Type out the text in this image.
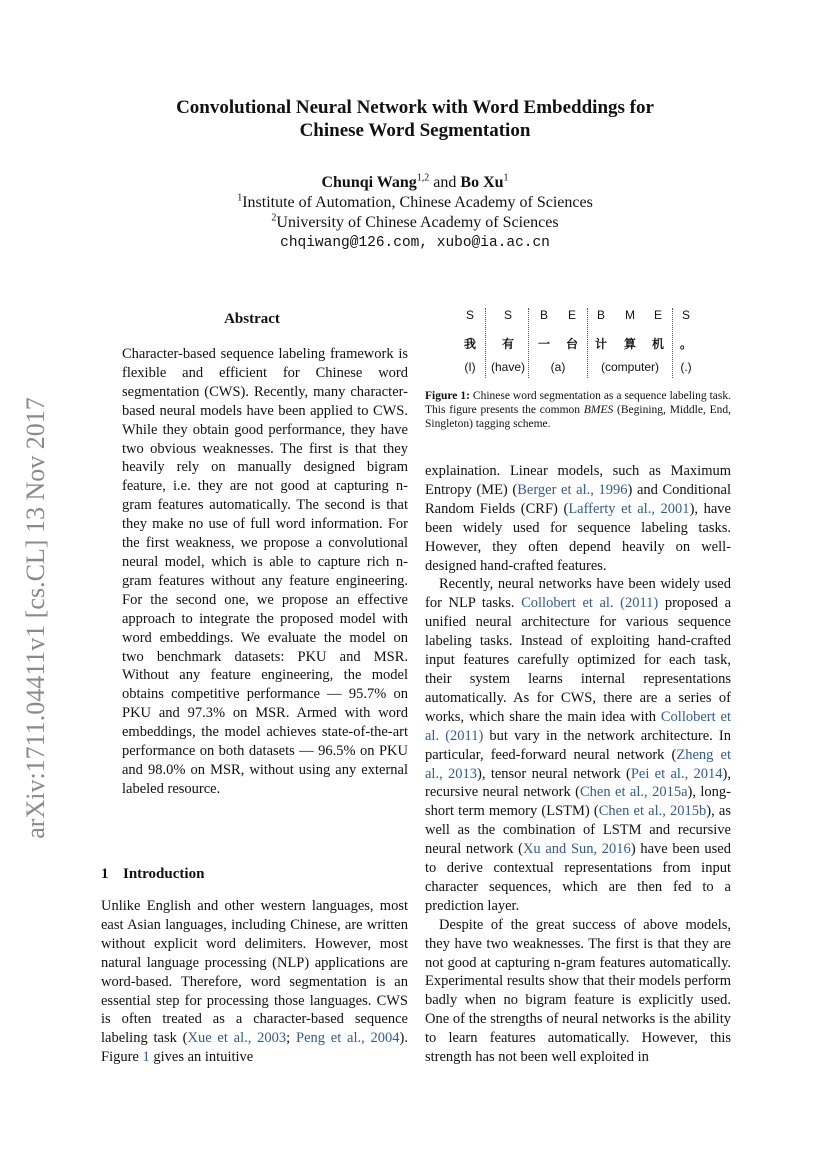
arXiv:1711.04411v1 [cs.CL] 13 Nov 2017
Convolutional Neural Network with Word Embeddings for
Chinese Word Segmentation
Chunqi Wang$^{1,2}$ and Bo Xu$^1$
$^1$Institute of Automation, Chinese Academy of Sciences
$^2$University of Chinese Academy of Sciences
chqiwang@126.com, xubo@ia.ac.cn
Abstract

Character-based sequence labeling framework is flexible and efficient for Chinese word segmentation (CWS). Recently, many character-based neural models have been applied to CWS. While they obtain good performance, they have two obvious weaknesses. The first is that they heavily rely on manually designed bigram feature, i.e. they are not good at capturing n-gram features automatically. The second is that they make no use of full word information. For the first weakness, we propose a convolutional neural model, which is able to capture rich n-gram features without any feature engineering. For the second one, we propose an effective approach to integrate the proposed model with word embeddings. We evaluate the model on two benchmark datasets: PKU and MSR. Without any feature engineering, the model obtains competitive performance — 95.7% on PKU and 97.3% on MSR. Armed with word embeddings, the model achieves state-of-the-art performance on both datasets — 96.5% on PKU and 98.0% on MSR, without using any external labeled resource.

1 Introduction

Unlike English and other western languages, most east Asian languages, including Chinese, are written without explicit word delimiters. However, most natural language processing (NLP) applications are word-based. Therefore, word segmentation is an essential step for processing those languages. CWS is often treated as a character-based sequence labeling task (Xue et al., 2003; Peng et al., 2004). Figure 1 gives an intuitive

S	S	B	E	B	M	E	S
我 有 一 台 计 算 机 。
(I)	(have)	(a)	(computer)	(.)
Figure 1: Chinese word segmentation as a sequence labeling task. This figure presents the common BMES (Begining, Middle, End, Singleton) tagging scheme.

explaination. Linear models, such as Maximum Entropy (ME) (Berger et al., 1996) and Conditional Random Fields (CRF) (Lafferty et al., 2001), have been widely used for sequence labeling tasks. However, they often depend heavily on well-designed hand-crafted features.

Recently, neural networks have been widely used for NLP tasks. Collobert et al. (2011) proposed a unified neural architecture for various sequence labeling tasks. Instead of exploiting hand-crafted input features carefully optimized for each task, their system learns internal representations automatically. As for CWS, there are a series of works, which share the main idea with Collobert et al. (2011) but vary in the network architecture. In particular, feed-forward neural network (Zheng et al., 2013), tensor neural network (Pei et al., 2014), recursive neural network (Chen et al., 2015a), long-short term memory (LSTM) (Chen et al., 2015b), as well as the combination of LSTM and recursive neural network (Xu and Sun, 2016) have been used to derive contextual representations from input character sequences, which are then fed to a prediction layer.

Despite of the great success of above models, they have two weaknesses. The first is that they are not good at capturing n-gram features automatically. Experimental results show that their models perform badly when no bigram feature is explicitly used. One of the strengths of neural networks is the ability to learn features automatically. However, this strength has not been well exploited in
